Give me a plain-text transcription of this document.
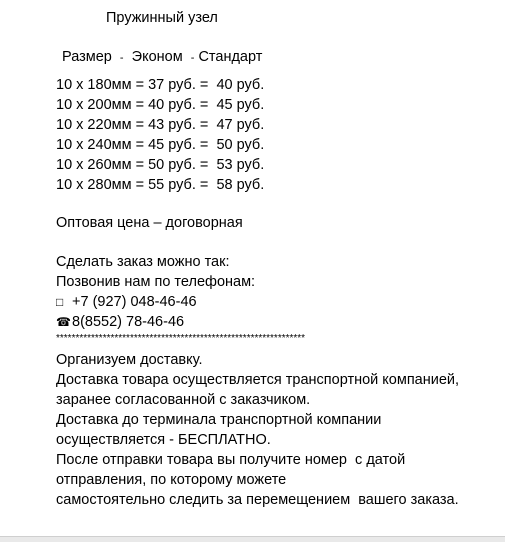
Пружинный узел
Размер - Эконом - Стандарт
10 x 180мм = 37 руб. =  40 руб.
10 x 200мм = 40 руб. =  45 руб.
10 x 220мм = 43 руб. =  47 руб.
10 x 240мм = 45 руб. =  50 руб.
10 x 260мм = 50 руб. =  53 руб.
10 x 280мм = 55 руб. =  58 руб.
Оптовая цена – договорная
Сделать заказ можно так:
Позвонив нам по телефонам:
□ +7 (927) 048-46-46
☎ 8(8552) 78-46-46
****************************************************************
Организуем доставку.
Доставка товара осуществляется транспортной компанией,
заранее согласованной с заказчиком.
Доставка до терминала транспортной компании
осуществляется - БЕСПЛАТНО.
После отправки товара вы получите номер  с датой
отправления, по которому можете
самостоятельно следить за перемещением  вашего заказа.
